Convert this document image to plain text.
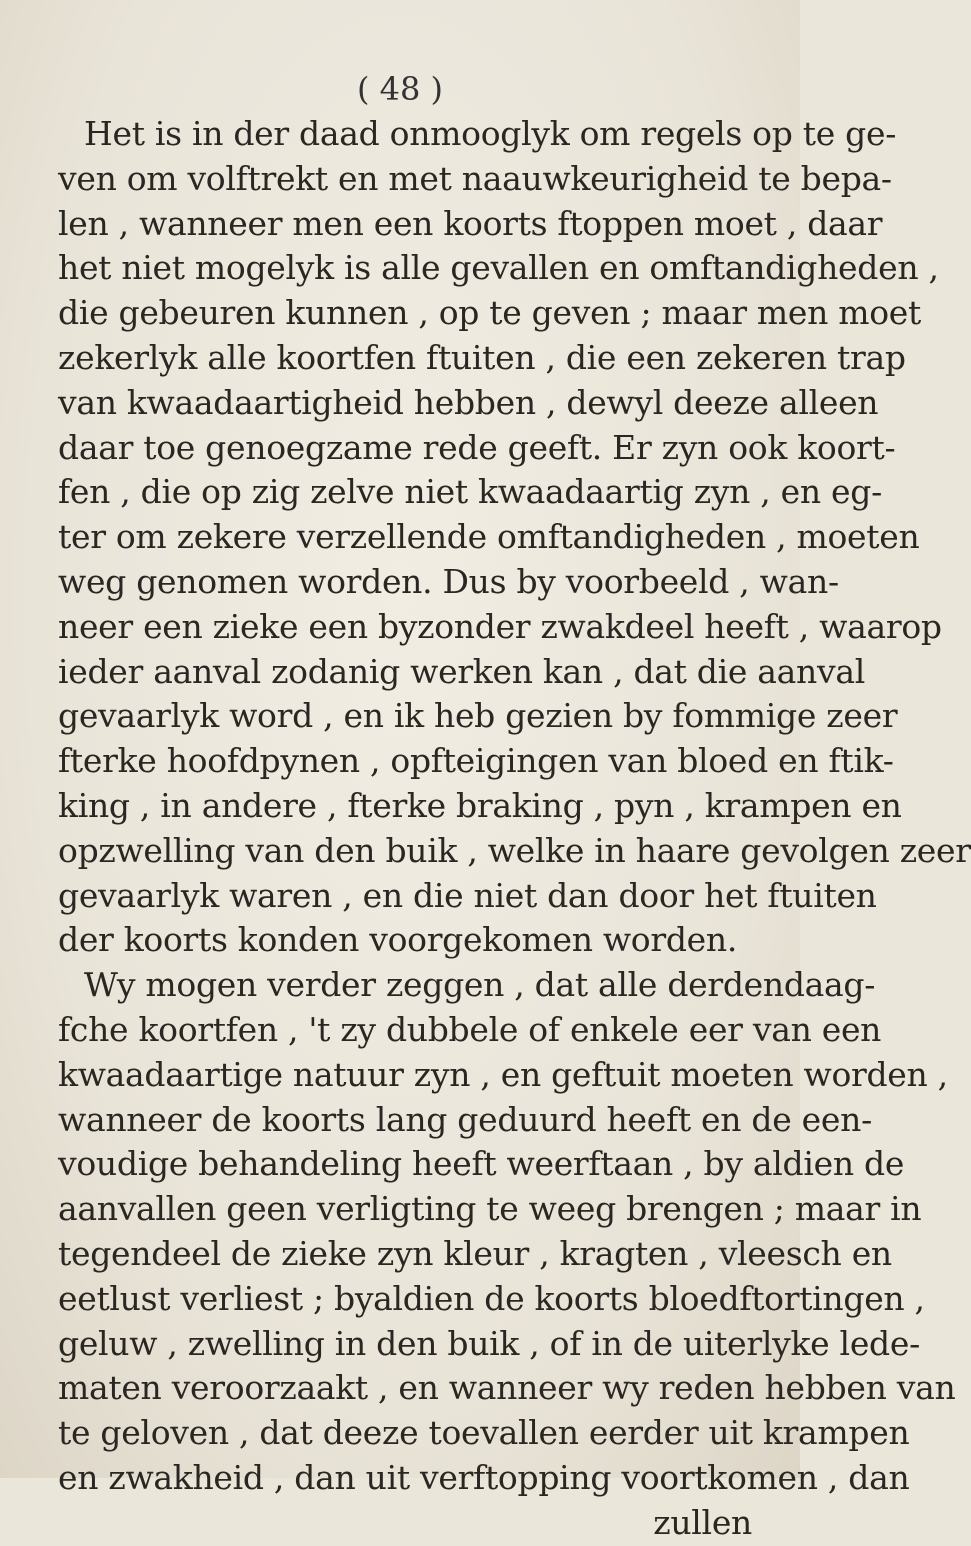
( 48 )
Het is in der daad onmooglyk om regels op te ge-
ven om volftrekt en met naauwkeurigheid te bepa-
len , wanneer men een koorts ftoppen moet , daar
het niet mogelyk is alle gevallen en omftandigheden ,
die gebeuren kunnen , op te geven ; maar men moet
zekerlyk alle koortfen ftuiten , die een zekeren trap
van kwaadaartigheid hebben , dewyl deeze alleen
daar toe genoegzame rede geeft. Er zyn ook koort-
fen , die op zig zelve niet kwaadaartig zyn , en eg-
ter om zekere verzellende omftandigheden , moeten
weg genomen worden. Dus by voorbeeld , wan-
neer een zieke een byzonder zwakdeel heeft , waarop
ieder aanval zodanig werken kan , dat die aanval
gevaarlyk word , en ik heb gezien by fommige zeer
fterke hoofdpynen , opfteigingen van bloed en ftik-
king , in andere , fterke braking , pyn , krampen en
opzwelling van den buik , welke in haare gevolgen zeer
gevaarlyk waren , en die niet dan door het ftuiten
der koorts konden voorgekomen worden.
Wy mogen verder zeggen , dat alle derdendaag-
fche koortfen , 't zy dubbele of enkele eer van een
kwaadaartige natuur zyn , en geftuit moeten worden ,
wanneer de koorts lang geduurd heeft en de een-
voudige behandeling heeft weerftaan , by aldien de
aanvallen geen verligting te weeg brengen ; maar in
tegendeel de zieke zyn kleur , kragten , vleesch en
eetlust verliest ; byaldien de koorts bloedftortingen ,
geluw , zwelling in den buik , of in de uiterlyke lede-
maten veroorzaakt , en wanneer wy reden hebben van
te geloven , dat deeze toevallen eerder uit krampen
en zwakheid , dan uit verftopping voortkomen , dan
zullen
